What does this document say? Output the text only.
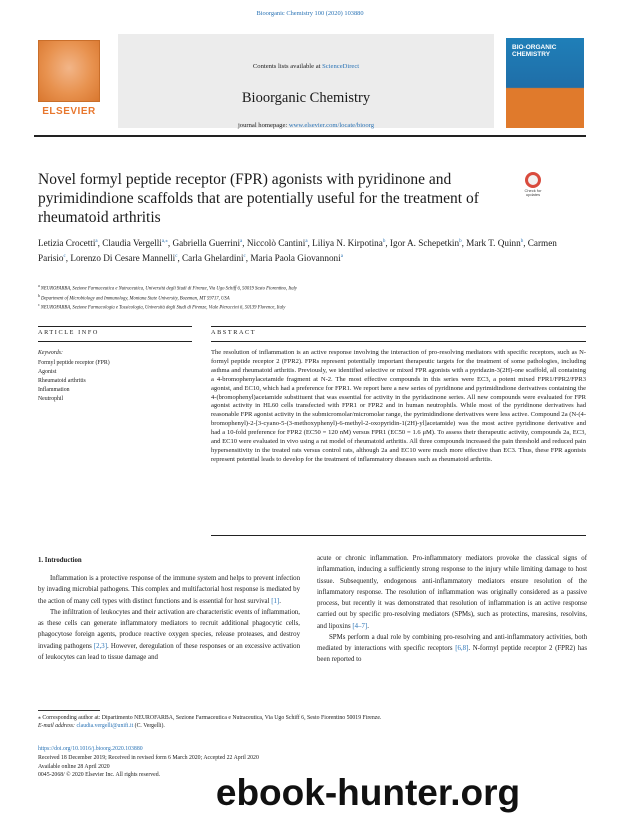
Bioorganic Chemistry 100 (2020) 103880
ELSEVIER
Contents lists available at ScienceDirect
Bioorganic Chemistry
journal homepage: www.elsevier.com/locate/bioorg
BIO-ORGANIC CHEMISTRY
Novel formyl peptide receptor (FPR) agonists with pyridinone and pyrimidindione scaffolds that are potentially useful for the treatment of rheumatoid arthritis
Check for updates
Letizia Crocetti$^a$, Claudia Vergelli$^{a,⁎}$, Gabriella Guerrini$^a$, Niccolò Cantini$^a$, Liliya N. Kirpotina$^b$, Igor A. Schepetkin$^b$, Mark T. Quinn$^b$, Carmen Parisio$^c$, Lorenzo Di Cesare Mannelli$^c$, Carla Ghelardini$^c$, Maria Paola Giovannoni$^a$
$^a$ NEUROFARBA, Sezione Farmaceutica e Nutraceutica, Università degli Studi di Firenze, Via Ugo Schiff 6, 50019 Sesto Fiorentino, Italy
$^b$ Department of Microbiology and Immunology, Montana State University, Bozeman, MT 59717, USA
$^c$ NEUROFARBA, Sezione Farmacologia e Tossicologia, Università degli Studi di Firenze, Viale Pieraccini 6, 50139 Florence, Italy
ARTICLE INFO	ABSTRACT
Keywords:
Formyl peptide receptor (FPR)
Agonist
Rheumatoid arthritis
Inflammation
Neutrophil
The resolution of inflammation is an active response involving the interaction of pro-resolving mediators with specific receptors, such as N-formyl peptide receptor 2 (FPR2). FPRs represent potentially important therapeutic targets for the treatment of some pathologies, including asthma and rheumatoid arthritis. Previously, we identified selective or mixed FPR agonists with a pyridazin-3(2H)-one scaffold, all containing a 4-bromophenylacetamide fragment at N-2. The most effective compounds in this series were EC3, a potent mixed FPR1/FPR2/FPR3 agonist, and EC10, which had a preference for FPR1. We report here a new series of pyridinone and pyrimidindione derivatives containing the 4-(bromophenyl)acetamide substituent that was essential for activity in the pyridazinone series. All new compounds were evaluated for FPR agonist activity in HL60 cells transfected with FPR1 or FPR2 and in human neutrophils. While most of the pyridinone derivatives had reasonable FPR agonist activity in the submicromolar/micromolar range, the pyrimidindione derivatives were less active. Compound 2a (N-(4-bromophenyl)-2-[3-cyano-5-(3-methoxyphenyl)-6-methyl-2-oxopyridin-1(2H)-yl]acetamide) was the most active pyridinone derivative and had a 10-fold preference for FPR2 (EC50 = 120 nM) versus FPR1 (EC50 = 1.6 μM). To assess their therapeutic activity, compounds 2a, EC3, and EC10 were evaluated in vivo using a rat model of rheumatoid arthritis. All three compounds increased the pain threshold and reduced pain hypersensitivity in the treated rats versus control rats, although 2a and EC10 were much more effective than EC3. Thus, these FPR agonists represent potential leads to develop for the treatment of inflammatory diseases such as rheumatoid arthritis.
1. Introduction
Inflammation is a protective response of the immune system and helps to prevent infection by invading microbial pathogens. This complex and multifactorial host response is mediated by the action of many cell types with distinct functions and is essential for host survival [1].
The infiltration of leukocytes and their activation are characteristic events of inflammation, as these cells can generate inflammatory mediators to recruit additional phagocytic cells, phagocytose foreign agents, produce reactive oxygen species, release proteases, and destroy invading pathogens [2,3]. However, deregulation of these responses or an excessive activation of leukocytes can lead to tissue damage and
acute or chronic inflammation. Pro-inflammatory mediators provoke the classical signs of inflammation, inducing a sufficiently strong response to the injury while limiting damage to host tissue. Subsequently, endogenous anti-inflammatory mediators ensure resolution of the inflammatory response. The resolution of inflammation was originally considered as a passive process, but recently it was demonstrated that resolution of inflammation is an active response carried out by specific pro-resolving mediators (SPMs), such as protectins, maresins, resolvins, and lipoxins [4–7].
SPMs perform a dual role by combining pro-resolving and anti-inflammatory activities, both mediated by interactions with specific receptors [6,8]. N-formyl peptide receptor 2 (FPR2) has been reported to
⁎ Corresponding author at: Dipartimento NEUROFARBA, Sezione Farmaceutica e Nutraceutica, Via Ugo Schiff 6, Sesto Fiorentino 50019 Firenze.
E-mail address: claudia.vergelli@unifi.it (C. Vergelli).
https://doi.org/10.1016/j.bioorg.2020.103880
Received 18 December 2019; Received in revised form 6 March 2020; Accepted 22 April 2020
Available online 28 April 2020
0045-2068/ © 2020 Elsevier Inc. All rights reserved.	ebook-hunter.org
